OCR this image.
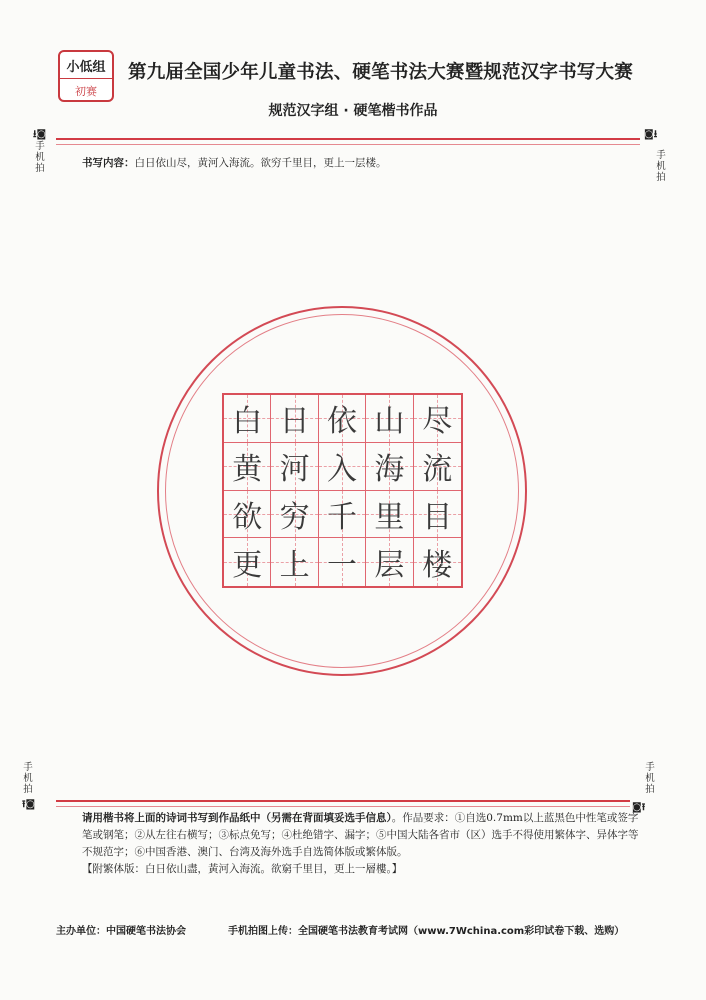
小低组
初赛
第九届全国少年儿童书法、硬笔书法大赛暨规范汉字书写大赛
规范汉字组 · 硬笔楷书作品
⭳◙
手
机
拍
◙⭳
手
机
拍
书写内容：白日依山尽，黄河入海流。欲穷千里目，更上一层楼。
白 日 依 山 尽
黄 河 入 海 流
欲 穷 千 里 目
更 上 一 层 楼
手
机
拍
⭱◙
手
机
拍
◙⭱
请用楷书将上面的诗词书写到作品纸中（另需在背面填妥选手信息）。作品要求：①自选0.7mm以上蓝黑色中性笔或签字笔或钢笔；②从左往右横写；③标点免写；④杜绝错字、漏字；⑤中国大陆各省市（区）选手不得使用繁体字、异体字等不规范字；⑥中国香港、澳门、台湾及海外选手自选简体版或繁体版。
【附繁体版：白日依山盡，黃河入海流。欲窮千里目，更上一層樓。】
主办单位：中国硬笔书法协会	手机拍图上传：全国硬笔书法教育考试网（www.7Wchina.com彩印试卷下载、选购）
